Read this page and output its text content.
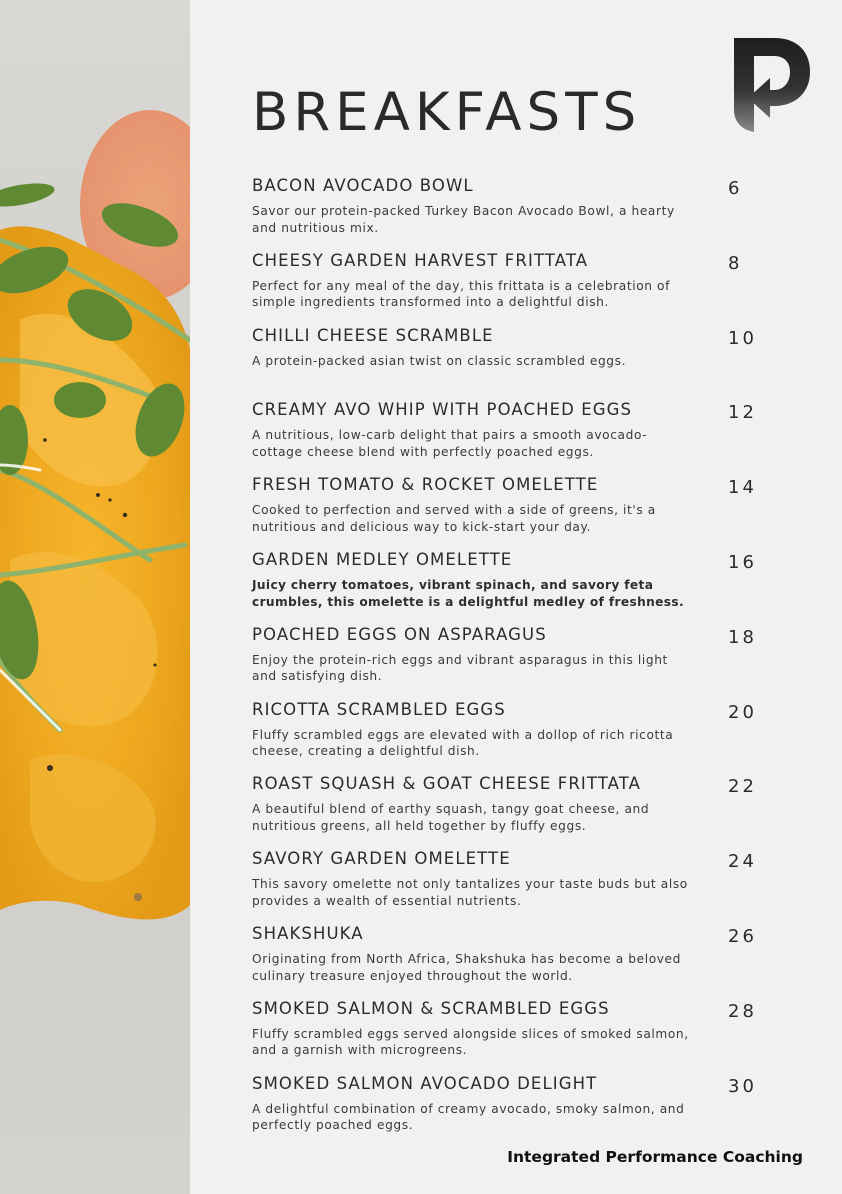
BREAKFASTS
BACON AVOCADO BOWL	6

Savor our protein-packed Turkey Bacon Avocado Bowl, a hearty and nutritious mix.

CHEESY GARDEN HARVEST FRITTATA	8

Perfect for any meal of the day, this frittata is a celebration of simple ingredients transformed into a delightful dish.

CHILLI CHEESE SCRAMBLE	10

A protein-packed asian twist on classic scrambled eggs.

CREAMY AVO WHIP WITH POACHED EGGS	12

A nutritious, low-carb delight that pairs a smooth avocado-cottage cheese blend with perfectly poached eggs.

FRESH TOMATO & ROCKET OMELETTE	14

Cooked to perfection and served with a side of greens, it's a nutritious and delicious way to kick-start your day.

GARDEN MEDLEY OMELETTE	16

Juicy cherry tomatoes, vibrant spinach, and savory feta crumbles, this omelette is a delightful medley of freshness.

POACHED EGGS ON ASPARAGUS	18

Enjoy the protein-rich eggs and vibrant asparagus in this light and satisfying dish.

RICOTTA SCRAMBLED EGGS	20

Fluffy scrambled eggs are elevated with a dollop of rich ricotta cheese, creating a delightful dish.

ROAST SQUASH & GOAT CHEESE FRITTATA	22

A beautiful blend of earthy squash, tangy goat cheese, and nutritious greens, all held together by fluffy eggs.

SAVORY GARDEN OMELETTE	24

This savory omelette not only tantalizes your taste buds but also provides a wealth of essential nutrients.

SHAKSHUKA	26

Originating from North Africa, Shakshuka has become a beloved culinary treasure enjoyed throughout the world.

SMOKED SALMON & SCRAMBLED EGGS	28

Fluffy scrambled eggs served alongside slices of smoked salmon, and a garnish with microgreens.

SMOKED SALMON AVOCADO DELIGHT	30

A delightful combination of creamy avocado, smoky salmon, and perfectly poached eggs.

Integrated Performance Coaching
